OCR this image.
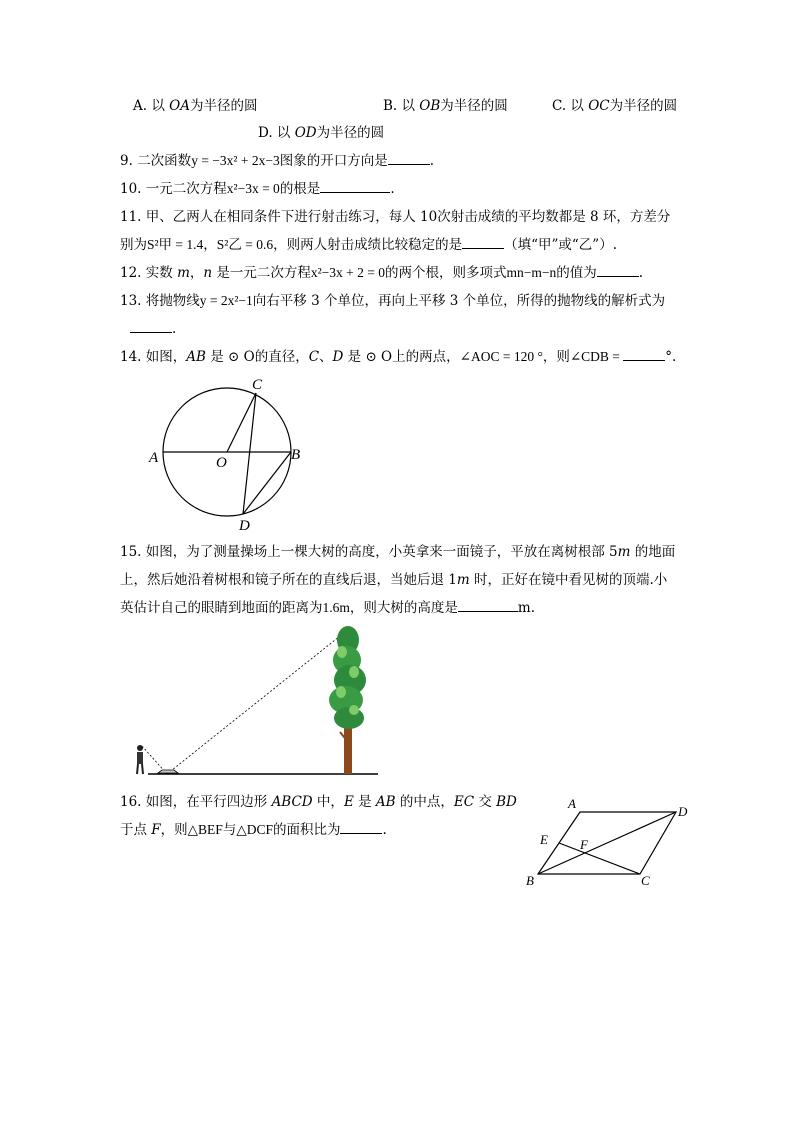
A. 以 OA为半径的圆	B. 以 OB为半径的圆	C. 以 OC为半径的圆
D. 以 OD为半径的圆
9. 二次函数y = −3x² + 2x−3图象的开口方向是	.
10. 一元二次方程x²−3x = 0的根是	.
11. 甲、乙两人在相同条件下进行射击练习，每人 10次射击成绩的平均数都是 8 环，方差分
别为S²甲 = 1.4，S²乙 = 0.6，则两人射击成绩比较稳定的是	（填“甲”或“乙”）.
12. 实数 m，n 是一元二次方程x²−3x + 2 = 0的两个根，则多项式mn−m−n的值为	.
13. 将抛物线y = 2x²−1向右平移 3 个单位，再向上平移 3 个单位，所得的抛物线的解析式为
.
14. 如图，AB 是 ⊙ O的直径，C、D 是 ⊙ O上的两点，∠AOC = 120 °，则∠CDB =	°.
A	O	B
C
D
15. 如图，为了测量操场上一棵大树的高度，小英拿来一面镜子，平放在离树根部 5m 的地面
上，然后她沿着树根和镜子所在的直线后退，当她后退 1m 时，正好在镜中看见树的顶端.小
英估计自己的眼睛到地面的距离为1.6m，则大树的高度是	m.
16. 如图，在平行四边形 ABCD 中，E 是 AB 的中点，EC 交 BD
于点 F，则△BEF与△DCF的面积比为	.
A
D
B	C
E F
